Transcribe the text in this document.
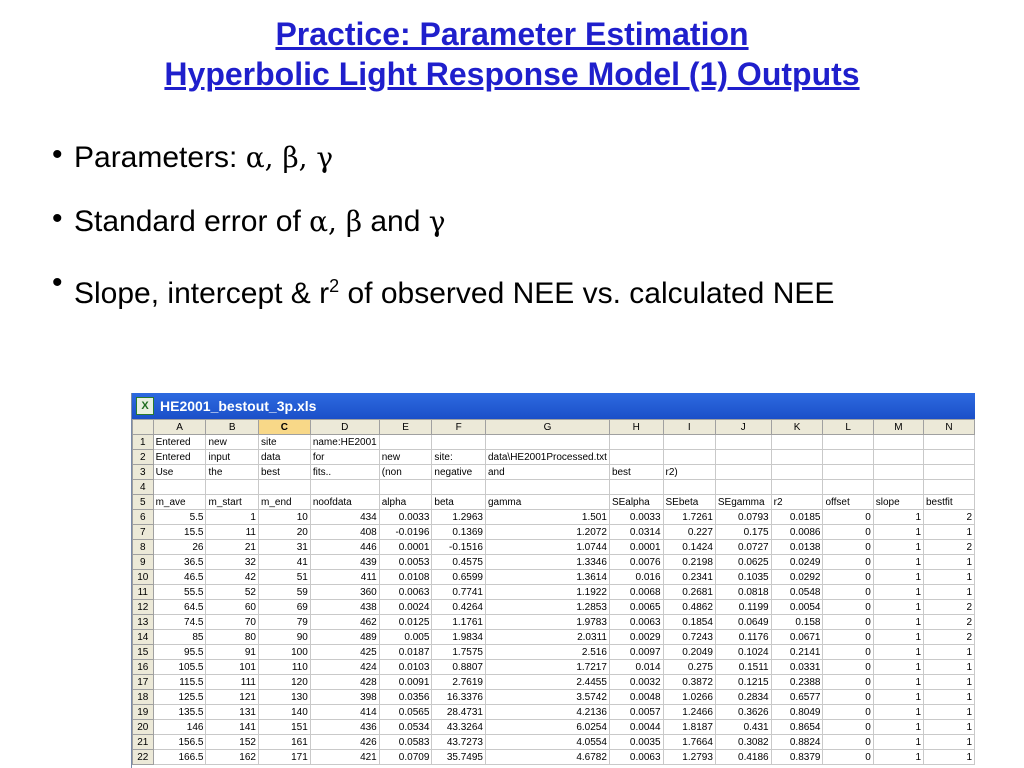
Practice: Parameter Estimation
Hyperbolic Light Response Model (1) Outputs
• Parameters: α, β, γ
• Standard error of α, β and γ
• Slope, intercept & $r^2$ of observed NEE vs. calculated NEE
X HE2001_bestout_3p.xls
	A	B	C	D	E	F	G	H	I	J	K	L	M	N
1	Entered	new	site	name:HE2001										
2	Entered	input	data	for	new	site:	data\HE2001Processed.txt							
3	Use	the	best	fits..	(non	negative	and	best	r2)					
4														
5	m_ave	m_start	m_end	noofdata	alpha	beta	gamma	SEalpha	SEbeta	SEgamma	r2	offset	slope	bestfit
6	5.5	1	10	434	0.0033	1.2963	1.501	0.0033	1.7261	0.0793	0.0185	0	1	2
7	15.5	11	20	408	-0.0196	0.1369	1.2072	0.0314	0.227	0.175	0.0086	0	1	1
8	26	21	31	446	0.0001	-0.1516	1.0744	0.0001	0.1424	0.0727	0.0138	0	1	2
9	36.5	32	41	439	0.0053	0.4575	1.3346	0.0076	0.2198	0.0625	0.0249	0	1	1
10	46.5	42	51	411	0.0108	0.6599	1.3614	0.016	0.2341	0.1035	0.0292	0	1	1
11	55.5	52	59	360	0.0063	0.7741	1.1922	0.0068	0.2681	0.0818	0.0548	0	1	1
12	64.5	60	69	438	0.0024	0.4264	1.2853	0.0065	0.4862	0.1199	0.0054	0	1	2
13	74.5	70	79	462	0.0125	1.1761	1.9783	0.0063	0.1854	0.0649	0.158	0	1	2
14	85	80	90	489	0.005	1.9834	2.0311	0.0029	0.7243	0.1176	0.0671	0	1	2
15	95.5	91	100	425	0.0187	1.7575	2.516	0.0097	0.2049	0.1024	0.2141	0	1	1
16	105.5	101	110	424	0.0103	0.8807	1.7217	0.014	0.275	0.1511	0.0331	0	1	1
17	115.5	111	120	428	0.0091	2.7619	2.4455	0.0032	0.3872	0.1215	0.2388	0	1	1
18	125.5	121	130	398	0.0356	16.3376	3.5742	0.0048	1.0266	0.2834	0.6577	0	1	1
19	135.5	131	140	414	0.0565	28.4731	4.2136	0.0057	1.2466	0.3626	0.8049	0	1	1
20	146	141	151	436	0.0534	43.3264	6.0254	0.0044	1.8187	0.431	0.8654	0	1	1
21	156.5	152	161	426	0.0583	43.7273	4.0554	0.0035	1.7664	0.3082	0.8824	0	1	1
22	166.5	162	171	421	0.0709	35.7495	4.6782	0.0063	1.2793	0.4186	0.8379	0	1	1
